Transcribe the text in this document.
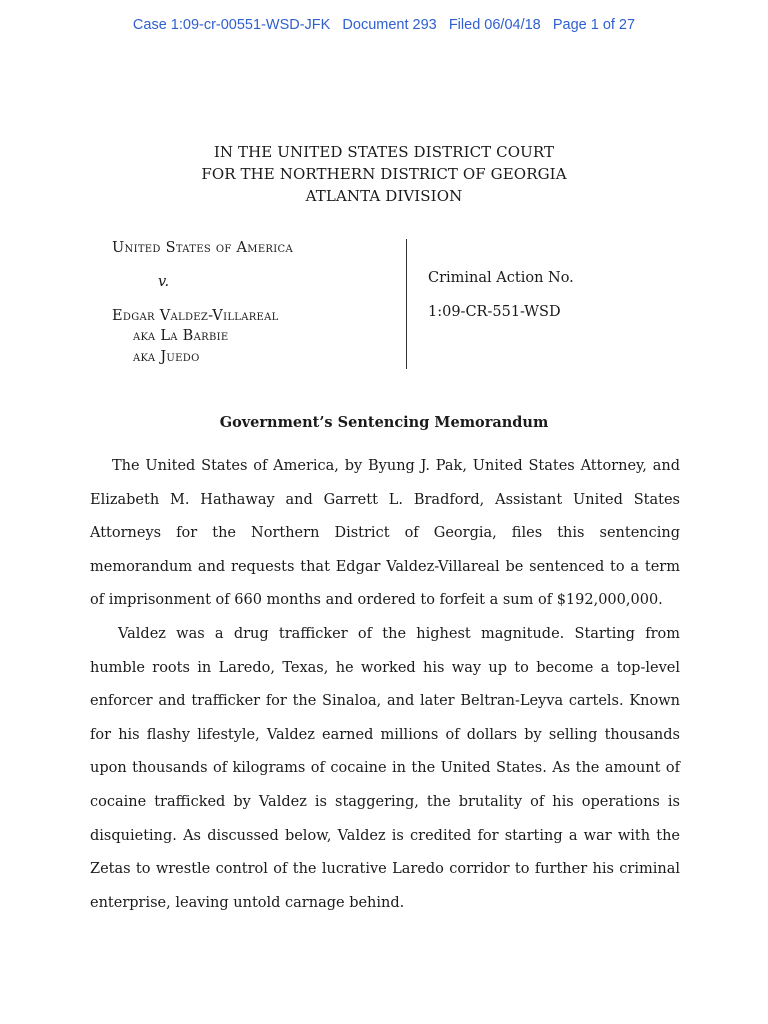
Case 1:09-cr-00551-WSD-JFK Document 293 Filed 06/04/18 Page 1 of 27
IN THE UNITED STATES DISTRICT COURT
FOR THE NORTHERN DISTRICT OF GEORGIA
ATLANTA DIVISION
United States of America
v.
Edgar Valdez-Villareal
aka La Barbie
aka Juedo
Criminal Action No.
1:09-CR-551-WSD
Government’s Sentencing Memorandum

The United States of America, by Byung J. Pak, United States Attorney, and Elizabeth M. Hathaway and Garrett L. Bradford, Assistant United States Attorneys for the Northern District of Georgia, files this sentencing memorandum and requests that Edgar Valdez-Villareal be sentenced to a term of imprisonment of 660 months and ordered to forfeit a sum of $192,000,000.

Valdez was a drug trafficker of the highest magnitude. Starting from humble roots in Laredo, Texas, he worked his way up to become a top-level enforcer and trafficker for the Sinaloa, and later Beltran-Leyva cartels. Known for his flashy lifestyle, Valdez earned millions of dollars by selling thousands upon thousands of kilograms of cocaine in the United States. As the amount of cocaine trafficked by Valdez is staggering, the brutality of his operations is disquieting. As discussed below, Valdez is credited for starting a war with the Zetas to wrestle control of the lucrative Laredo corridor to further his criminal enterprise, leaving untold carnage behind.
